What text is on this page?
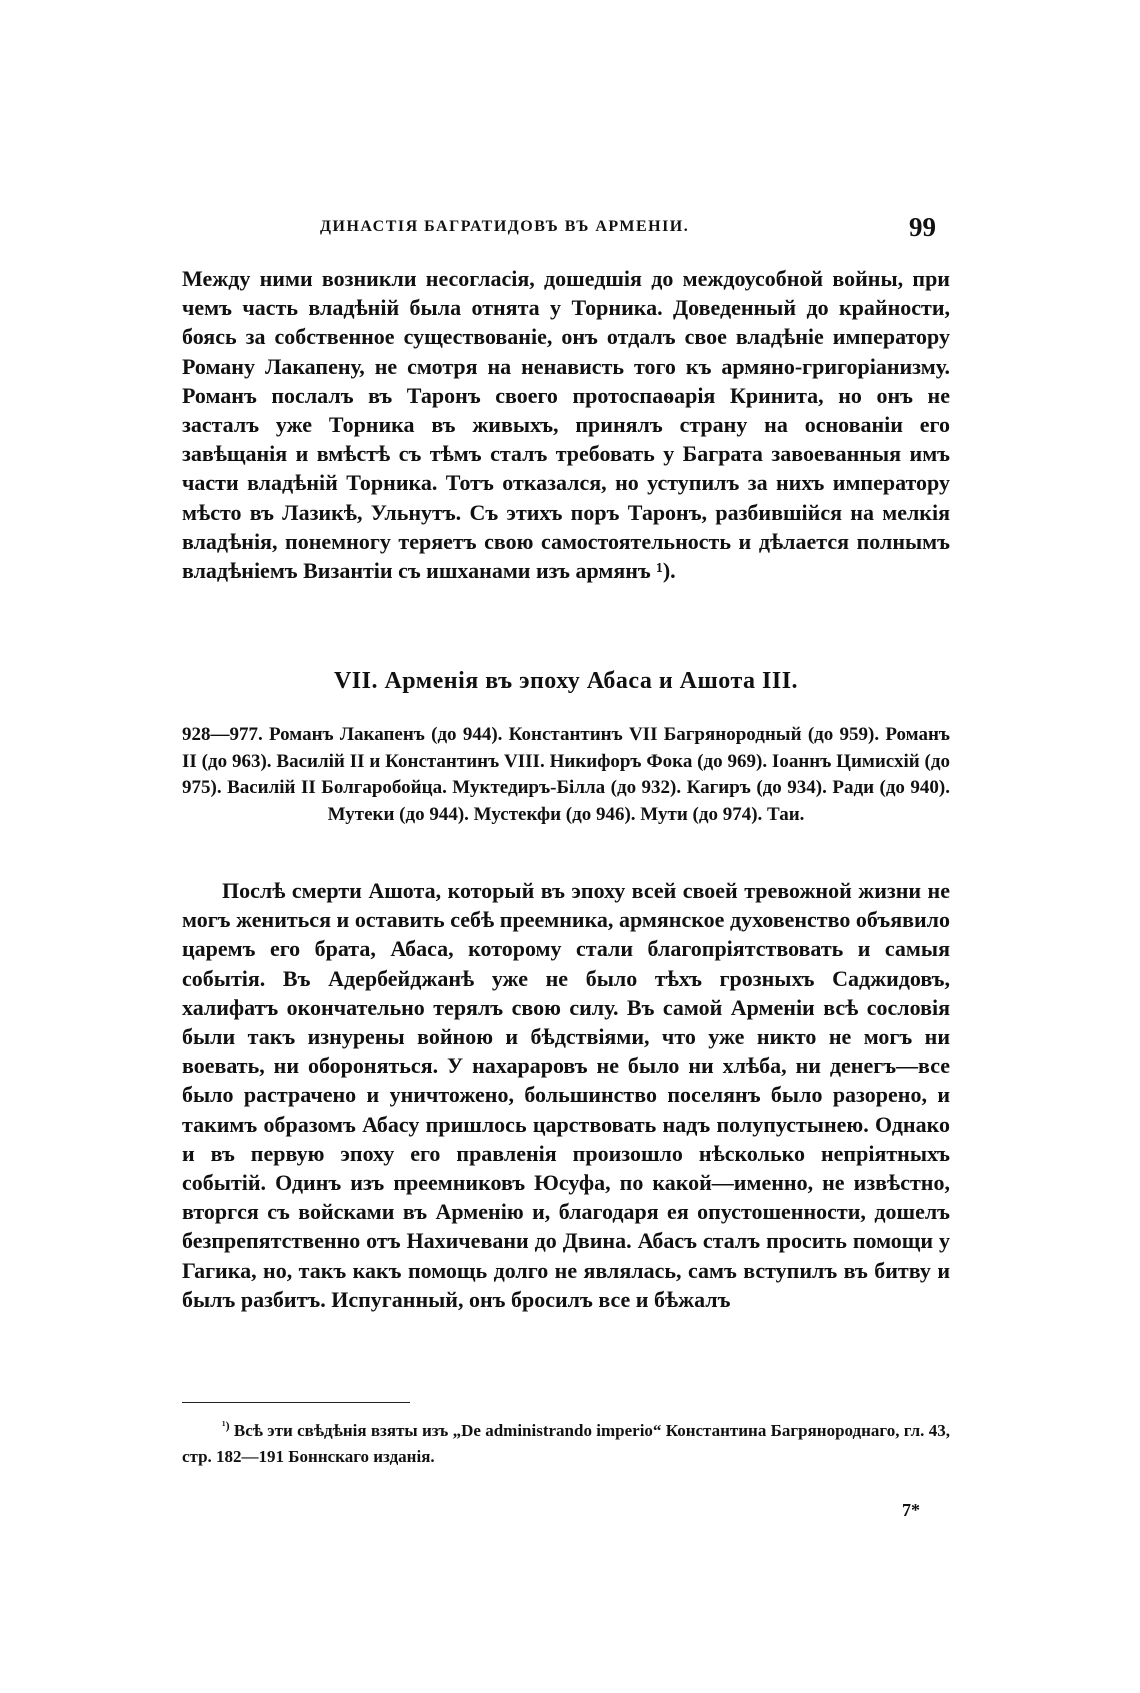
ДИНАСТІЯ БАГРАТИДОВЪ ВЪ АРМЕНІИ.	99

Между ними возникли несогласія, дошедшія до междоусобной войны, при чемъ часть владѣній была отнята у Торника. Доведенный до крайности, боясь за собственное существованіе, онъ отдалъ свое владѣніе императору Роману Лакапену, не смотря на ненависть того къ армяно-григоріанизму. Романъ послалъ въ Таронъ своего протоспаѳарія Кринита, но онъ не засталъ уже Торника въ живыхъ, принялъ страну на основаніи его завѣщанія и вмѣстѣ съ тѣмъ сталъ требовать у Баграта завоеванныя имъ части владѣній Торника. Тотъ отказался, но уступилъ за нихъ императору мѣсто въ Лазикѣ, Ульнутъ. Съ этихъ поръ Таронъ, разбившійся на мелкія владѣнія, понемногу теряетъ свою самостоятельность и дѣлается полнымъ владѣніемъ Византіи съ ишханами изъ армянъ ¹).

VII. Арменія въ эпоху Абаса и Ашота III.

928—977. Романъ Лакапенъ (до 944). Константинъ VII Багрянородный (до 959). Романъ II (до 963). Василій II и Константинъ VIII. Никифоръ Фока (до 969). Іоаннъ Цимисхій (до 975). Василій II Болгаробойца. Муктедиръ-Білла (до 932). Кагиръ (до 934). Ради (до 940). Мутеки (до 944). Мустекфи (до 946). Мути (до 974). Таи.

Послѣ смерти Ашота, который въ эпоху всей своей тревожной жизни не могъ жениться и оставить себѣ преемника, армянское духовенство объявило царемъ его брата, Абаса, которому стали благопріятствовать и самыя событія. Въ Адербейджанѣ уже не было тѣхъ грозныхъ Саджидовъ, халифатъ окончательно терялъ свою силу. Въ самой Арменіи всѣ сословія были такъ изнурены войною и бѣдствіями, что уже никто не могъ ни воевать, ни обороняться. У нахараровъ не было ни хлѣба, ни денегъ—все было растрачено и уничтожено, большинство поселянъ было разорено, и такимъ образомъ Абасу пришлось царствовать надъ полупустынею. Однако и въ первую эпоху его правленія произошло нѣсколько непріятныхъ событій. Одинъ изъ преемниковъ Юсуфа, по какой—именно, не извѣстно, вторгся съ войсками въ Арменію и, благодаря ея опустошенности, дошелъ безпрепятственно отъ Нахичевани до Двина. Абасъ сталъ просить помощи у Гагика, но, такъ какъ помощь долго не являлась, самъ вступилъ въ битву и былъ разбитъ. Испуганный, онъ бросилъ все и бѣжалъ

$^{^1)}$ Всѣ эти свѣдѣнія взяты изъ „De administrando imperio“ Константина Багрянороднаго, гл. 43, стр. 182—191 Боннскаго изданія.

7*
